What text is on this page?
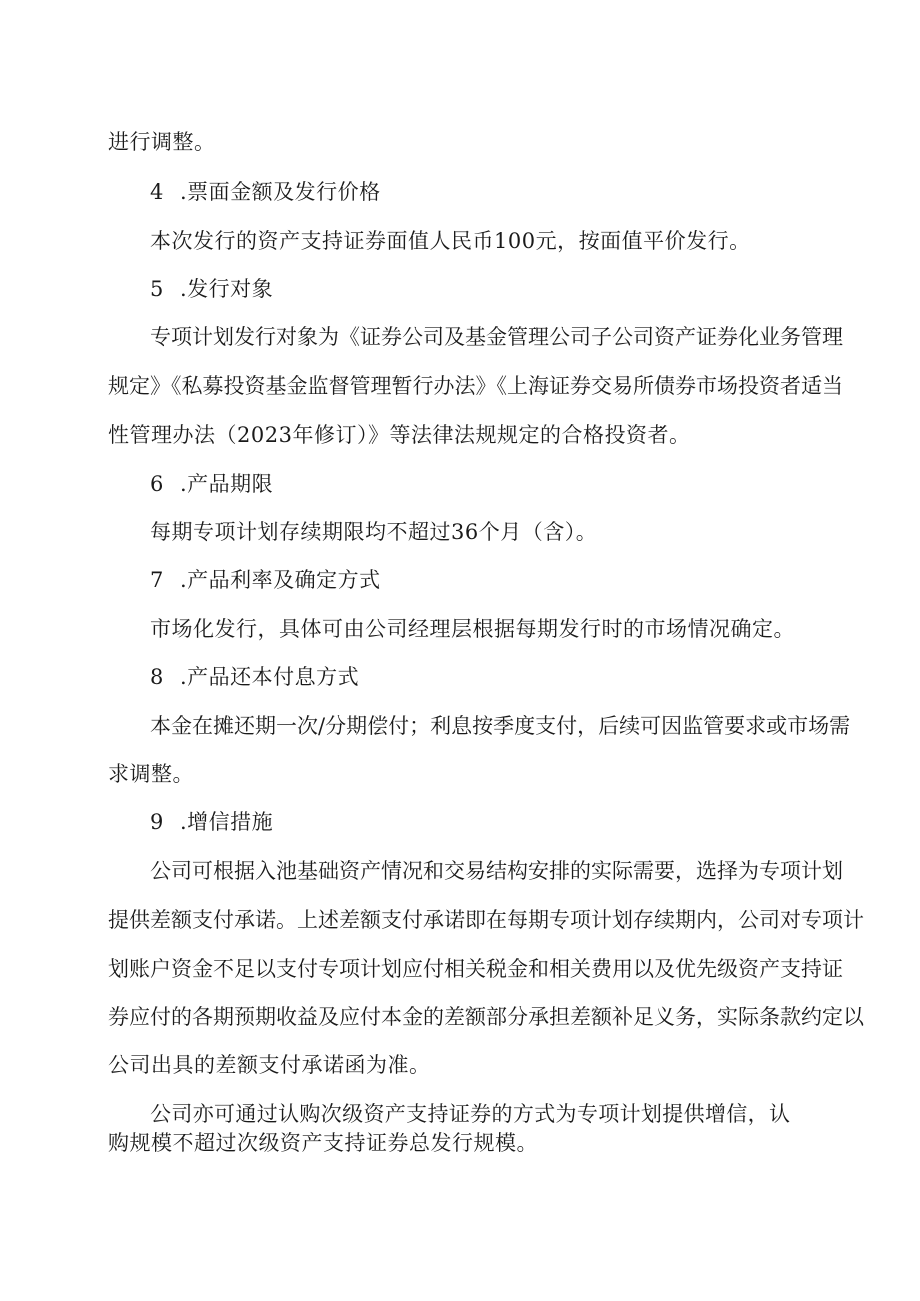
进行调整。
4 .票面金额及发行价格
本次发行的资产支持证券面值人民币100元，按面值平价发行。
5 .发行对象
专项计划发行对象为《证券公司及基金管理公司子公司资产证券化业务管理
规定》《私募投资基金监督管理暂行办法》《上海证券交易所债券市场投资者适当
性管理办法（2023年修订）》等法律法规规定的合格投资者。
6 .产品期限
每期专项计划存续期限均不超过36个月（含）。
7 .产品利率及确定方式
市场化发行，具体可由公司经理层根据每期发行时的市场情况确定。
8 .产品还本付息方式
本金在摊还期一次/分期偿付；利息按季度支付，后续可因监管要求或市场需
求调整。
9 .增信措施
公司可根据入池基础资产情况和交易结构安排的实际需要，选择为专项计划
提供差额支付承诺。上述差额支付承诺即在每期专项计划存续期内，公司对专项计
划账户资金不足以支付专项计划应付相关税金和相关费用以及优先级资产支持证
券应付的各期预期收益及应付本金的差额部分承担差额补足义务，实际条款约定以
公司出具的差额支付承诺函为准。
公司亦可通过认购次级资产支持证券的方式为专项计划提供增信，认
购规模不超过次级资产支持证券总发行规模。
